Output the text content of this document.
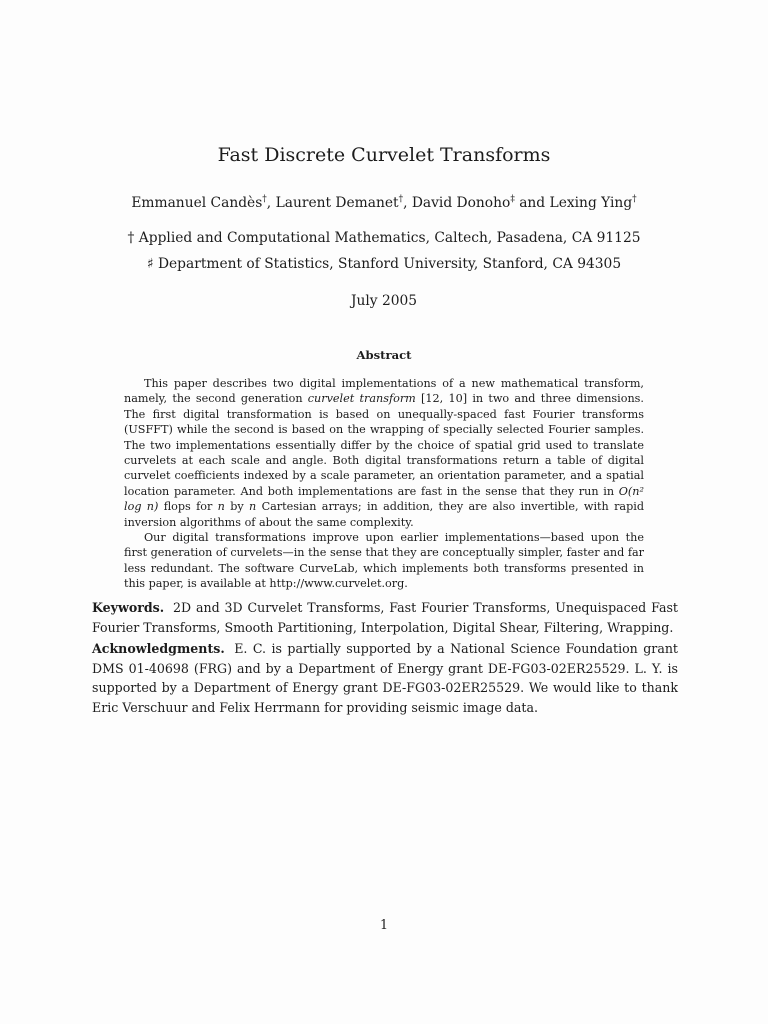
Fast Discrete Curvelet Transforms
Emmanuel Candès†, Laurent Demanet†, David Donoho‡ and Lexing Ying†
† Applied and Computational Mathematics, Caltech, Pasadena, CA 91125
♯ Department of Statistics, Stanford University, Stanford, CA 94305
July 2005
Abstract

This paper describes two digital implementations of a new mathematical transform, namely, the second generation curvelet transform [12, 10] in two and three dimensions. The first digital transformation is based on unequally-spaced fast Fourier transforms (USFFT) while the second is based on the wrapping of specially selected Fourier samples. The two implementations essentially differ by the choice of spatial grid used to translate curvelets at each scale and angle. Both digital transformations return a table of digital curvelet coefficients indexed by a scale parameter, an orientation parameter, and a spatial location parameter. And both implementations are fast in the sense that they run in O(n² log n) flops for n by n Cartesian arrays; in addition, they are also invertible, with rapid inversion algorithms of about the same complexity.

Our digital transformations improve upon earlier implementations—based upon the first generation of curvelets—in the sense that they are conceptually simpler, faster and far less redundant. The software CurveLab, which implements both transforms presented in this paper, is available at http://www.curvelet.org.

Keywords. 2D and 3D Curvelet Transforms, Fast Fourier Transforms, Unequispaced Fast Fourier Transforms, Smooth Partitioning, Interpolation, Digital Shear, Filtering, Wrapping.
Acknowledgments. E. C. is partially supported by a National Science Foundation grant DMS 01-40698 (FRG) and by a Department of Energy grant DE-FG03-02ER25529. L. Y. is supported by a Department of Energy grant DE-FG03-02ER25529. We would like to thank Eric Verschuur and Felix Herrmann for providing seismic image data.
1
